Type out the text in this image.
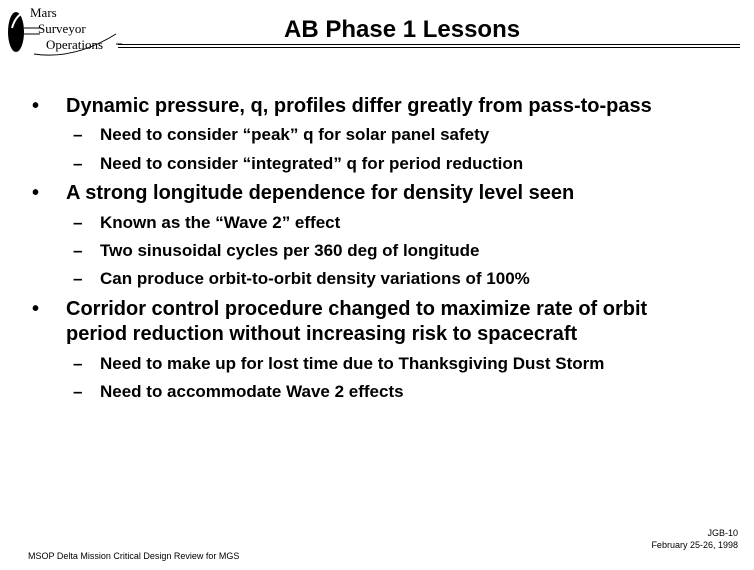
Mars
Surveyor
Operations
AB Phase 1 Lessons
• Dynamic pressure, q, profiles differ greatly from pass-to-pass
– Need to consider “peak” q for solar panel safety
– Need to consider “integrated” q for period reduction
• A strong longitude dependence for density level seen
– Known as the “Wave 2” effect
– Two sinusoidal cycles per 360 deg of longitude
– Can produce orbit-to-orbit density variations of 100%
• Corridor control procedure changed to maximize rate of orbit
period reduction without increasing risk to spacecraft
– Need to make up for lost time due to Thanksgiving Dust Storm
– Need to accommodate Wave 2 effects
MSOP Delta Mission Critical Design Review for MGS
JGB-10
February 25-26, 1998
